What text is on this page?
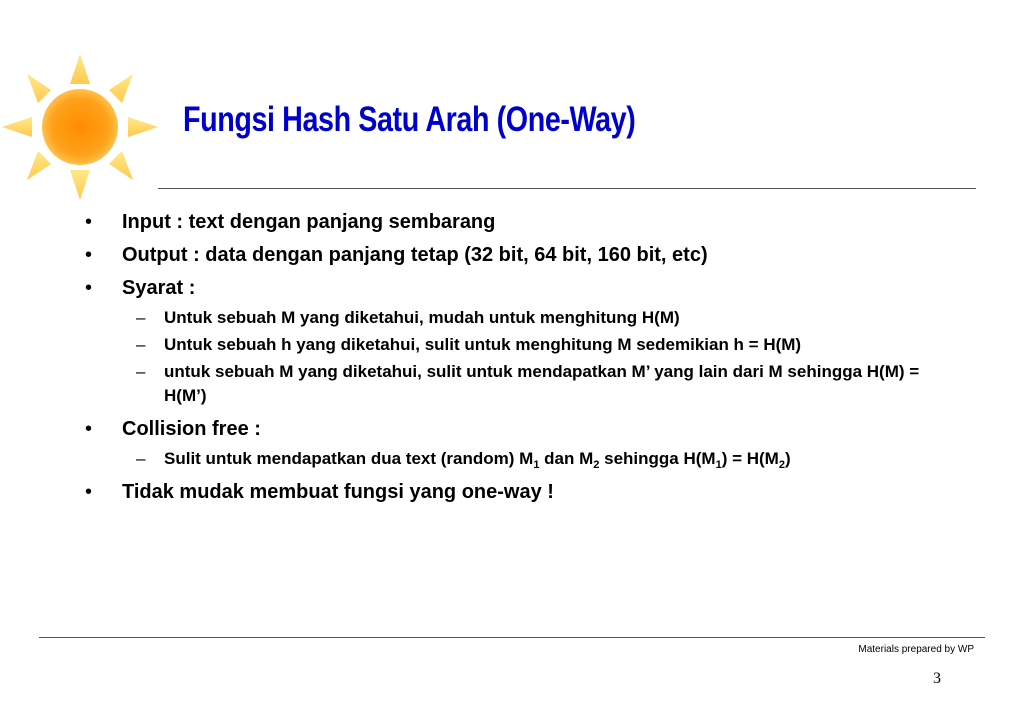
Fungsi Hash Satu Arah (One-Way)
• Input : text dengan panjang sembarang
• Output : data dengan panjang tetap (32 bit, 64 bit, 160 bit, etc)
• Syarat :
– Untuk sebuah M yang diketahui, mudah untuk menghitung H(M)
– Untuk sebuah h yang diketahui, sulit untuk menghitung M sedemikian h = H(M)
– untuk sebuah M yang diketahui, sulit untuk mendapatkan M’ yang lain dari M sehingga H(M) = H(M’)
• Collision free :
– Sulit untuk mendapatkan dua text (random) $M_1$ dan $M_2$ sehingga $H(M_1) = H(M_2)$
• Tidak mudak membuat fungsi yang one-way !
Materials prepared by WP
3
